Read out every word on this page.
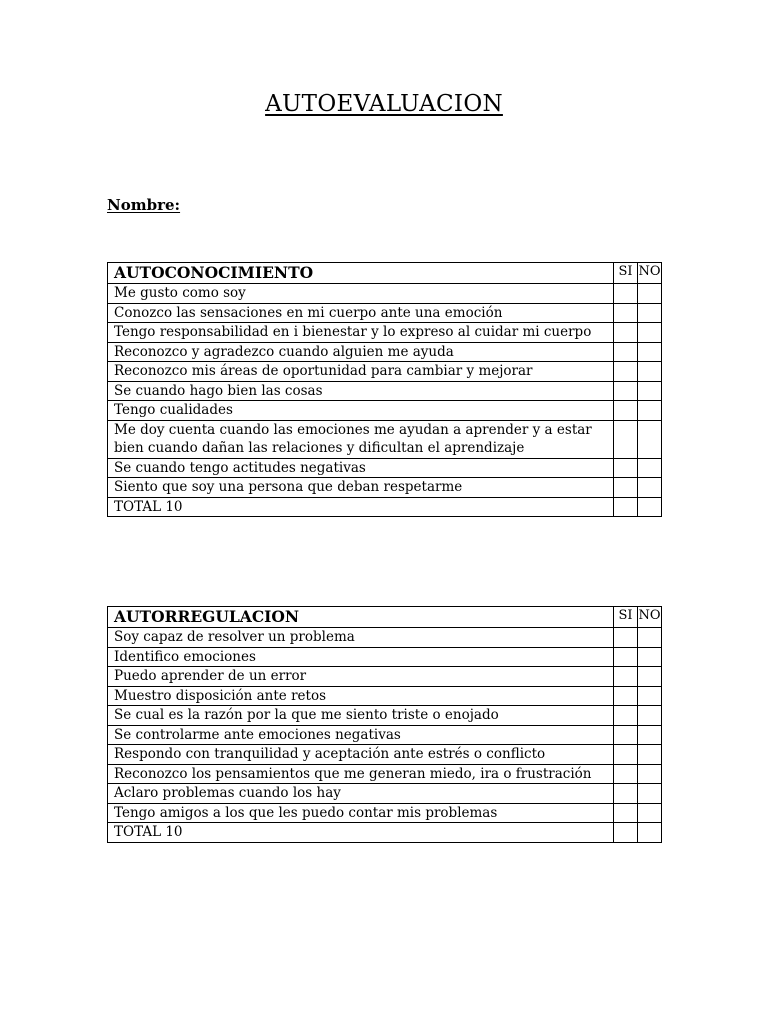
AUTOEVALUACION
Nombre:
AUTOCONOCIMIENTO	SI	NO
Me gusto como soy		
Conozco las sensaciones en mi cuerpo ante una emoción		
Tengo responsabilidad en i bienestar y lo expreso al cuidar mi cuerpo		
Reconozco y agradezco cuando alguien me ayuda		
Reconozco mis áreas de oportunidad para cambiar y mejorar		
Se cuando hago bien las cosas		
Tengo cualidades		
Me doy cuenta cuando las emociones me ayudan a aprender y a estar bien cuando dañan las relaciones y dificultan el aprendizaje		
Se cuando tengo actitudes negativas		
Siento que soy una persona que deban respetarme		
TOTAL 10		
AUTORREGULACION	SI	NO
Soy capaz de resolver un problema		
Identifico emociones		
Puedo aprender de un error		
Muestro disposición ante retos		
Se cual es la razón por la que me siento triste o enojado		
Se controlarme ante emociones negativas		
Respondo con tranquilidad y aceptación ante estrés o conflicto		
Reconozco los pensamientos que me generan miedo, ira o frustración		
Aclaro problemas cuando los hay		
Tengo amigos a los que les puedo contar mis problemas		
TOTAL 10		
